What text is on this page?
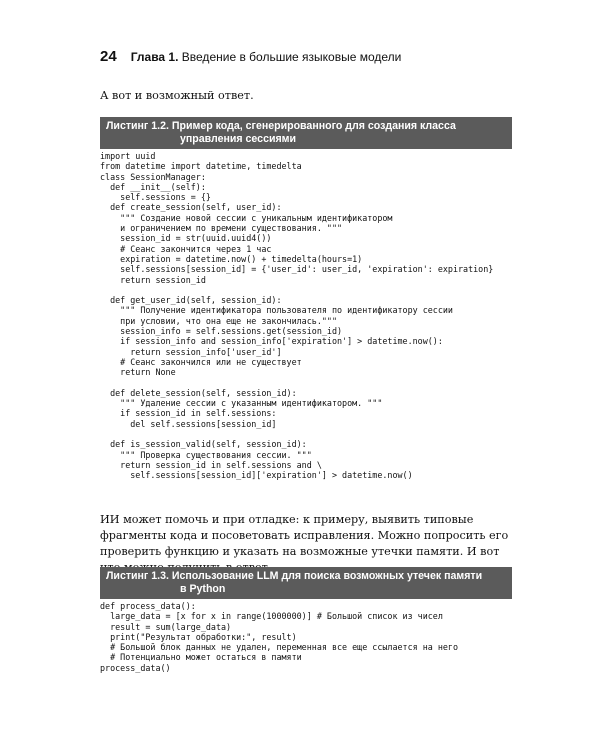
24 Глава 1. Введение в большие языковые модели
А вот и возможный ответ.
Листинг 1.2. Пример кода, сгенерированного для создания класса
управления сессиями
import uuid
from datetime import datetime, timedelta
class SessionManager:
def __init__(self):
self.sessions = {}
def create_session(self, user_id):
""" Создание новой сессии с уникальным идентификатором
и ограничением по времени существования. """
session_id = str(uuid.uuid4())
# Сеанс закончится через 1 час
expiration = datetime.now() + timedelta(hours=1)
self.sessions[session_id] = {'user_id': user_id, 'expiration': expiration}
return session_id
def get_user_id(self, session_id):
""" Получение идентификатора пользователя по идентификатору сессии
при условии, что она еще не закончилась."""
session_info = self.sessions.get(session_id)
if session_info and session_info['expiration'] > datetime.now():
return session_info['user_id']
# Сеанс закончился или не существует
return None
def delete_session(self, session_id):
""" Удаление сессии с указанным идентификатором. """
if session_id in self.sessions:
del self.sessions[session_id]
def is_session_valid(self, session_id):
""" Проверка существования сессии. """
return session_id in self.sessions and \
self.sessions[session_id]['expiration'] > datetime.now()
ИИ может помочь и при отладке: к примеру, выявить типовые фрагменты кода и посоветовать исправления. Можно попросить его проверить функцию и указать на возможные утечки памяти. И вот
Листинг 1.3. Использование LLM для поиска возможных утечек памяти
в Python
def process_data():
large_data = [x for x in range(1000000)] # Большой список из чисел
result = sum(large_data)
print("Результат обработки:", result)
# Большой блок данных не удален, переменная все еще ссылается на него
# Потенциально может остаться в памяти
process_data()
